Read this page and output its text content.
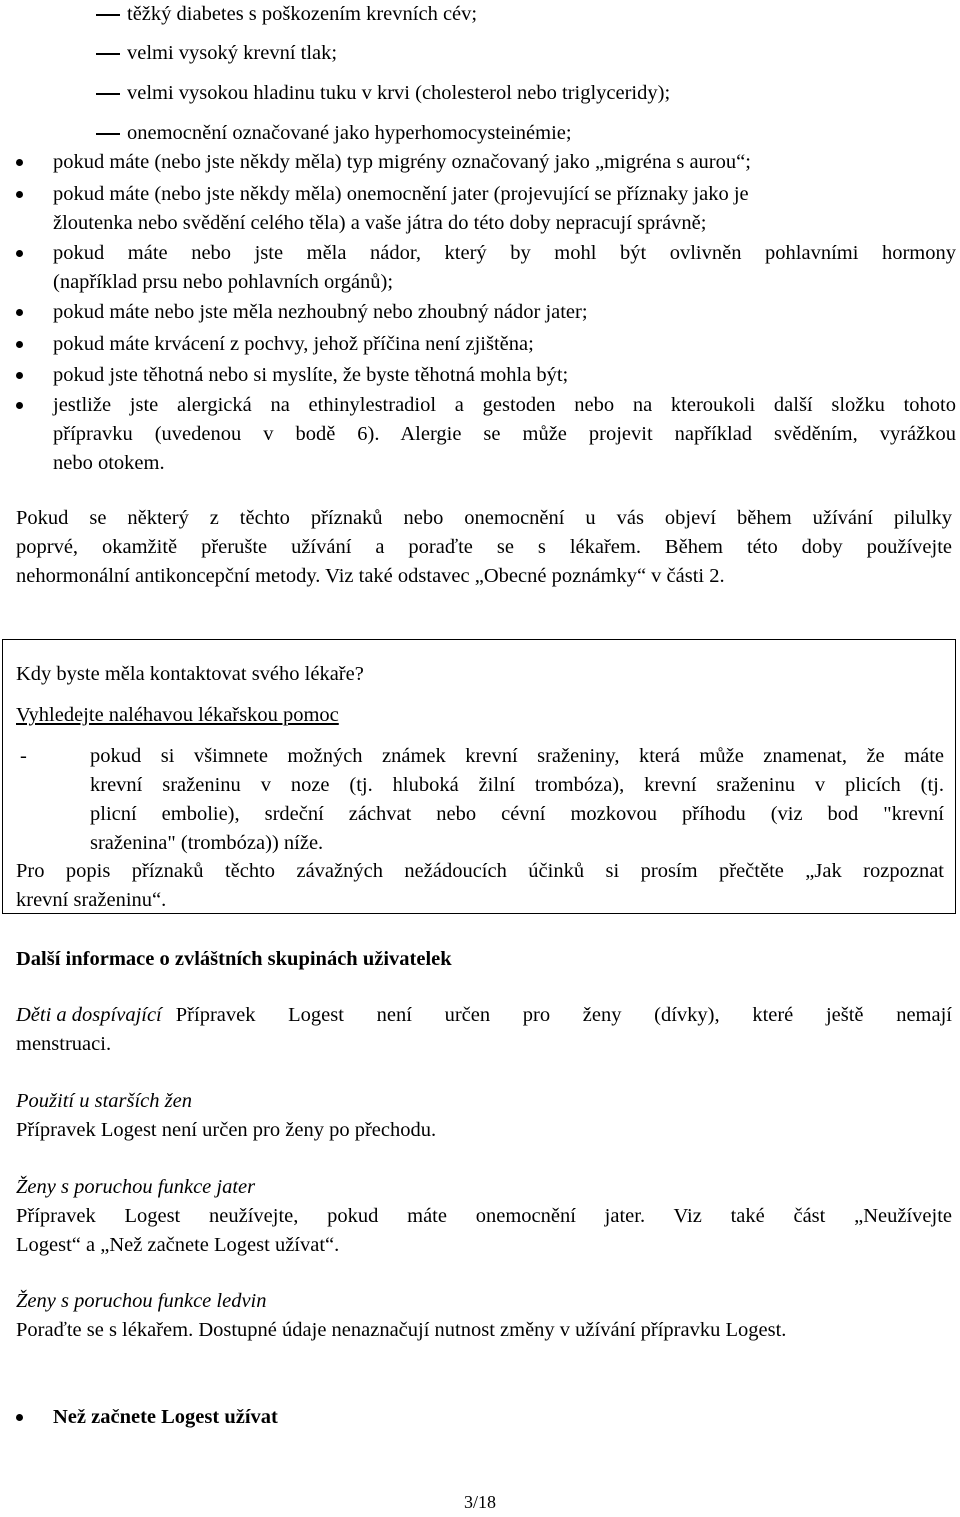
těžký diabetes s poškozením krevních cév;
velmi vysoký krevní tlak;
velmi vysokou hladinu tuku v krvi (cholesterol nebo triglyceridy);
onemocnění označované jako hyperhomocysteinémie;
pokud máte (nebo jste někdy měla) typ migrény označovaný jako „migréna s aurou“;
pokud máte (nebo jste někdy měla) onemocnění jater (projevující se příznaky jako je
žloutenka nebo svědění celého těla) a vaše játra do této doby nepracují správně;
pokud máte nebo jste měla nádor, který by mohl být ovlivněn pohlavními hormony
(například prsu nebo pohlavních orgánů);
pokud máte nebo jste měla nezhoubný nebo zhoubný nádor jater;
pokud máte krvácení z pochvy, jehož příčina není zjištěna;
pokud jste těhotná nebo si myslíte, že byste těhotná mohla být;
jestliže jste alergická na ethinylestradiol a gestoden nebo na kteroukoli další složku tohoto
přípravku (uvedenou v bodě 6). Alergie se může projevit například svěděním, vyrážkou
nebo otokem.
Pokud se některý z těchto příznaků nebo onemocnění u vás objeví během užívání pilulky
poprvé, okamžitě přerušte užívání a poraďte se s lékařem. Během této doby používejte
nehormonální antikoncepční metody. Viz také odstavec „Obecné poznámky“ v části 2.
Kdy byste měla kontaktovat svého lékaře?
Vyhledejte naléhavou lékařskou pomoc
-	pokud si všimnete možných známek krevní sraženiny, která může znamenat, že máte
krevní sraženinu v noze (tj. hluboká žilní trombóza), krevní sraženinu v plicích (tj.
plicní embolie), srdeční záchvat nebo cévní mozkovou příhodu (viz bod "krevní
sraženina" (trombóza)) níže.
Pro popis příznaků těchto závažných nežádoucích účinků si prosím přečtěte „Jak rozpoznat
krevní sraženinu“.
Další informace o zvláštních skupinách uživatelek
Děti a dospívající Přípravek Logest není určen pro ženy (dívky), které ještě nemají
menstruaci.
Použití u starších žen
Přípravek Logest není určen pro ženy po přechodu.
Ženy s poruchou funkce jater
Přípravek Logest neužívejte, pokud máte onemocnění jater. Viz také část „Neužívejte
Logest“ a „Než začnete Logest užívat“.
Ženy s poruchou funkce ledvin
Poraďte se s lékařem. Dostupné údaje nenaznačují nutnost změny v užívání přípravku Logest.
Než začnete Logest užívat
3/18
